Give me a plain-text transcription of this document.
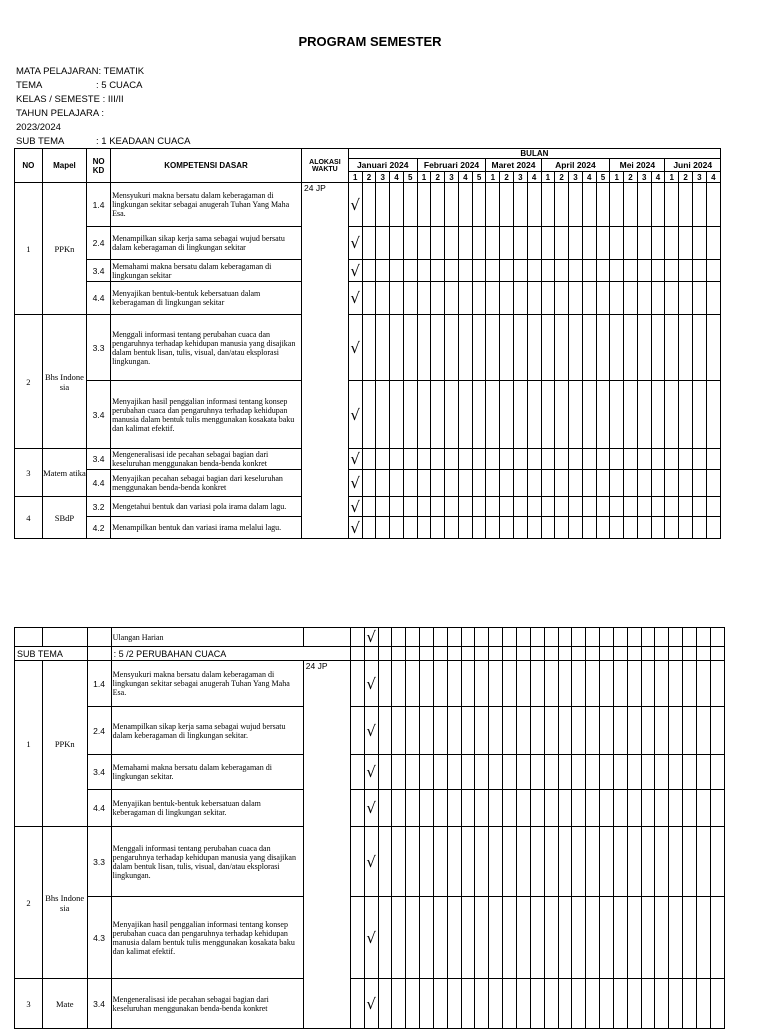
PROGRAM SEMESTER
MATA PELAJARAN: TEMATIK
TEMA	: 5 CUACA
KELAS / SEMESTE : III/II
TAHUN PELAJARA :
2023/2024
SUB TEMA	: 1 KEADAAN CUACA
NO	Mapel	NO KD	KOMPETENSI DASAR	ALOKASI WAKTU	BULAN																										
					Januari 2024					Februari 2024					Maret 2024				April 2024					Mei 2024				Juni 2024			
					1	2	3	4	5	1	2	3	4	5	1	2	3	4	1	2	3	4	5	1	2	3	4	1	2	3	4
1	PPKn	1.4	Mensyukuri makna bersatu dalam keberagaman di lingkungan sekitar sebagai anugerah Tuhan Yang Maha Esa.	24 JP	√																										
		2.4	Menampilkan sikap kerja sama sebagai wujud bersatu dalam keberagaman di lingkungan sekitar		√																										
		3.4	Memahami makna bersatu dalam keberagaman di lingkungan sekitar		√																										
		4.4	Menyajikan bentuk-bentuk kebersatuan dalam keberagaman di lingkungan sekitar		√																										
2	Bhs Indone sia	3.3	Menggali informasi tentang perubahan cuaca dan pengaruhnya terhadap kehidupan manusia yang disajikan dalam bentuk lisan, tulis, visual, dan/atau eksplorasi lingkungan.		√																										
		3.4	Menyajikan hasil penggalian informasi tentang konsep perubahan cuaca dan pengaruhnya terhadap kehidupan manusia dalam bentuk tulis menggunakan kosakata baku dan kalimat efektif.		√																										
3	Matem atika	3.4	Mengeneralisasi ide pecahan sebagai bagian dari keseluruhan menggunakan benda-benda konkret		√																										
		4.4	Menyajikan pecahan sebagai bagian dari keseluruhan menggunakan benda-benda konkret		√																										
4	SBdP	3.2	Mengetahui bentuk dan variasi pola irama dalam lagu.		√																										
		4.2	Menampilkan bentuk dan variasi irama melalui lagu.		√																										
			Ulangan Harian			√																									
SUB TEMA			: 5 /2 PERUBAHAN CUACA																												
1	PPKn	1.4	Mensyukuri makna bersatu dalam keberagaman di lingkungan sekitar sebagai anugerah Tuhan Yang Maha Esa.	24 JP		√																									
		2.4	Menampilkan sikap kerja sama sebagai wujud bersatu dalam keberagaman di lingkungan sekitar.			√																									
		3.4	Memahami makna bersatu dalam keberagaman di lingkungan sekitar.			√																									
		4.4	Menyajikan bentuk-bentuk kebersatuan dalam keberagaman di lingkungan sekitar.			√																									
2	Bhs Indone sia	3.3	Menggali informasi tentang perubahan cuaca dan pengaruhnya terhadap kehidupan manusia yang disajikan dalam bentuk lisan, tulis, visual, dan/atau eksplorasi lingkungan.			√																									
		4.3	Menyajikan hasil penggalian informasi tentang konsep perubahan cuaca dan pengaruhnya terhadap kehidupan manusia dalam bentuk tulis menggunakan kosakata baku dan kalimat efektif.			√																									
3	Mate	3.4	Mengeneralisasi ide pecahan sebagai bagian dari keseluruhan menggunakan benda-benda konkret			√																									
